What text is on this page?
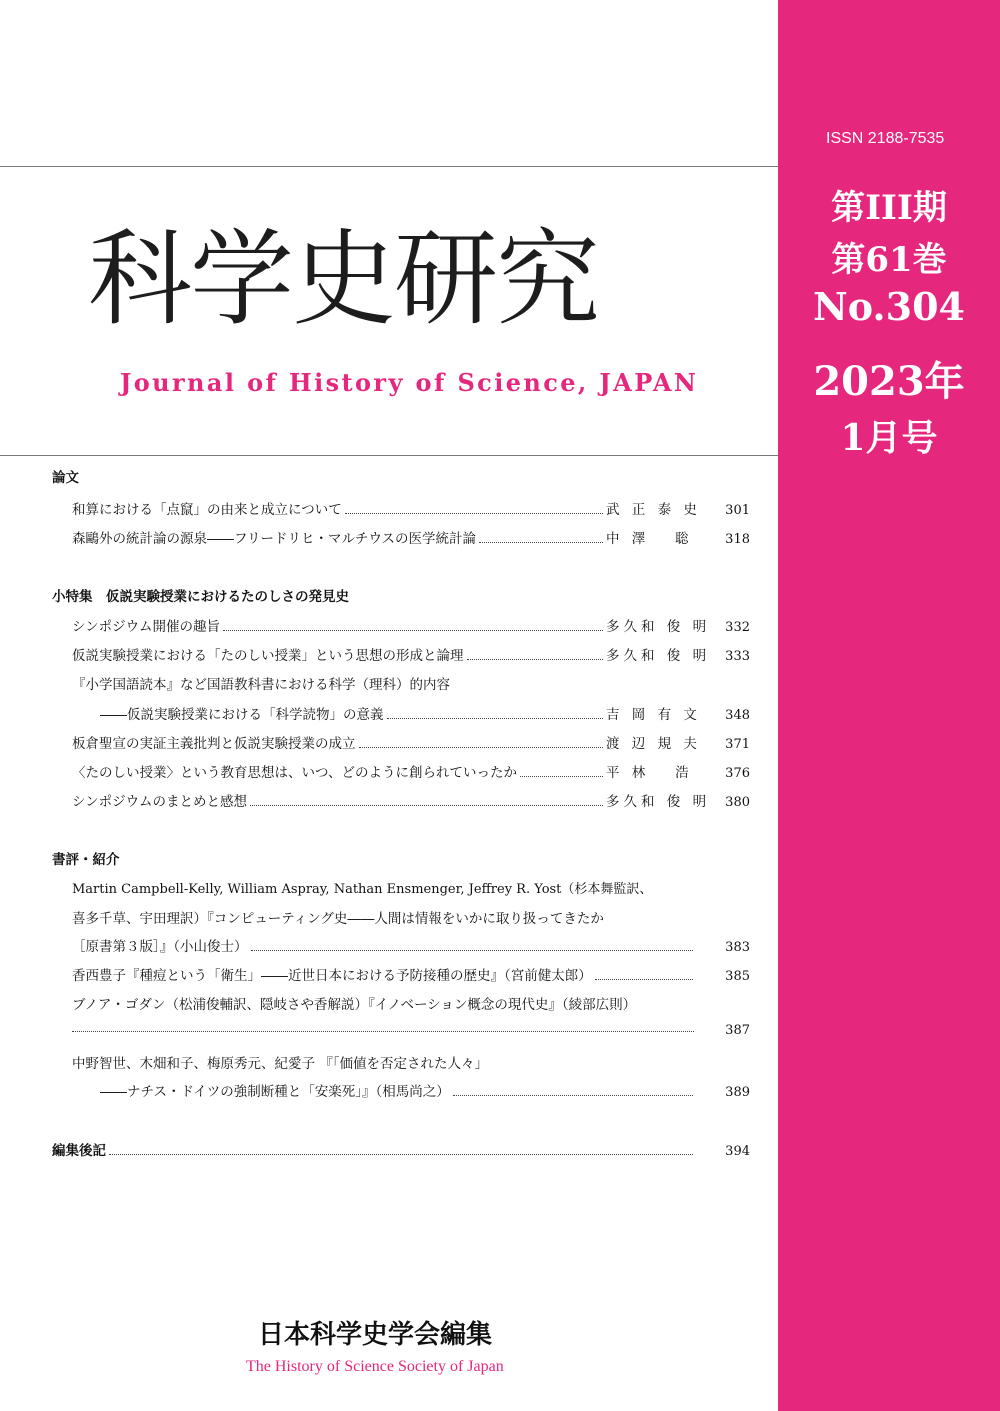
科学史研究
Journal of History of Science, JAPAN
ISSN 2188-7535
第III期
第61巻
No.304
2023年
1月号
論文
和算における「点竄」の由来と成立について	武 正 泰 史	301
森鷗外の統計論の源泉――フリードリヒ・マルチウスの医学統計論	中 澤　 聡	318
小特集　仮説実験授業におけるたのしさの発見史
シンポジウム開催の趣旨	多久和 俊 明	332
仮説実験授業における「たのしい授業」という思想の形成と論理	多久和 俊 明	333
『小学国語読本』など国語教科書における科学（理科）的内容
――仮説実験授業における「科学読物」の意義	吉 岡 有 文	348
板倉聖宣の実証主義批判と仮説実験授業の成立	渡 辺 規 夫	371
〈たのしい授業〉という教育思想は、いつ、どのように創られていったか	平 林　 浩	376
シンポジウムのまとめと感想	多久和 俊 明	380
書評・紹介
Martin Campbell-Kelly, William Aspray, Nathan Ensmenger, Jeffrey R. Yost（杉本舞監訳、
喜多千草、宇田理訳）『コンピューティング史――人間は情報をいかに取り扱ってきたか
［原書第３版］』（小山俊士）	383
香西豊子『種痘という「衛生」――近世日本における予防接種の歴史』（宮前健太郎）	385
ブノア・ゴダン（松浦俊輔訳、隠岐さや香解説）『イノベーション概念の現代史』（綾部広則）
387
中野智世、木畑和子、梅原秀元、紀愛子 『「価値を否定された人々」
――ナチス・ドイツの強制断種と「安楽死」』（相馬尚之）	389
編集後記	394
日本科学史学会編集
The History of Science Society of Japan
